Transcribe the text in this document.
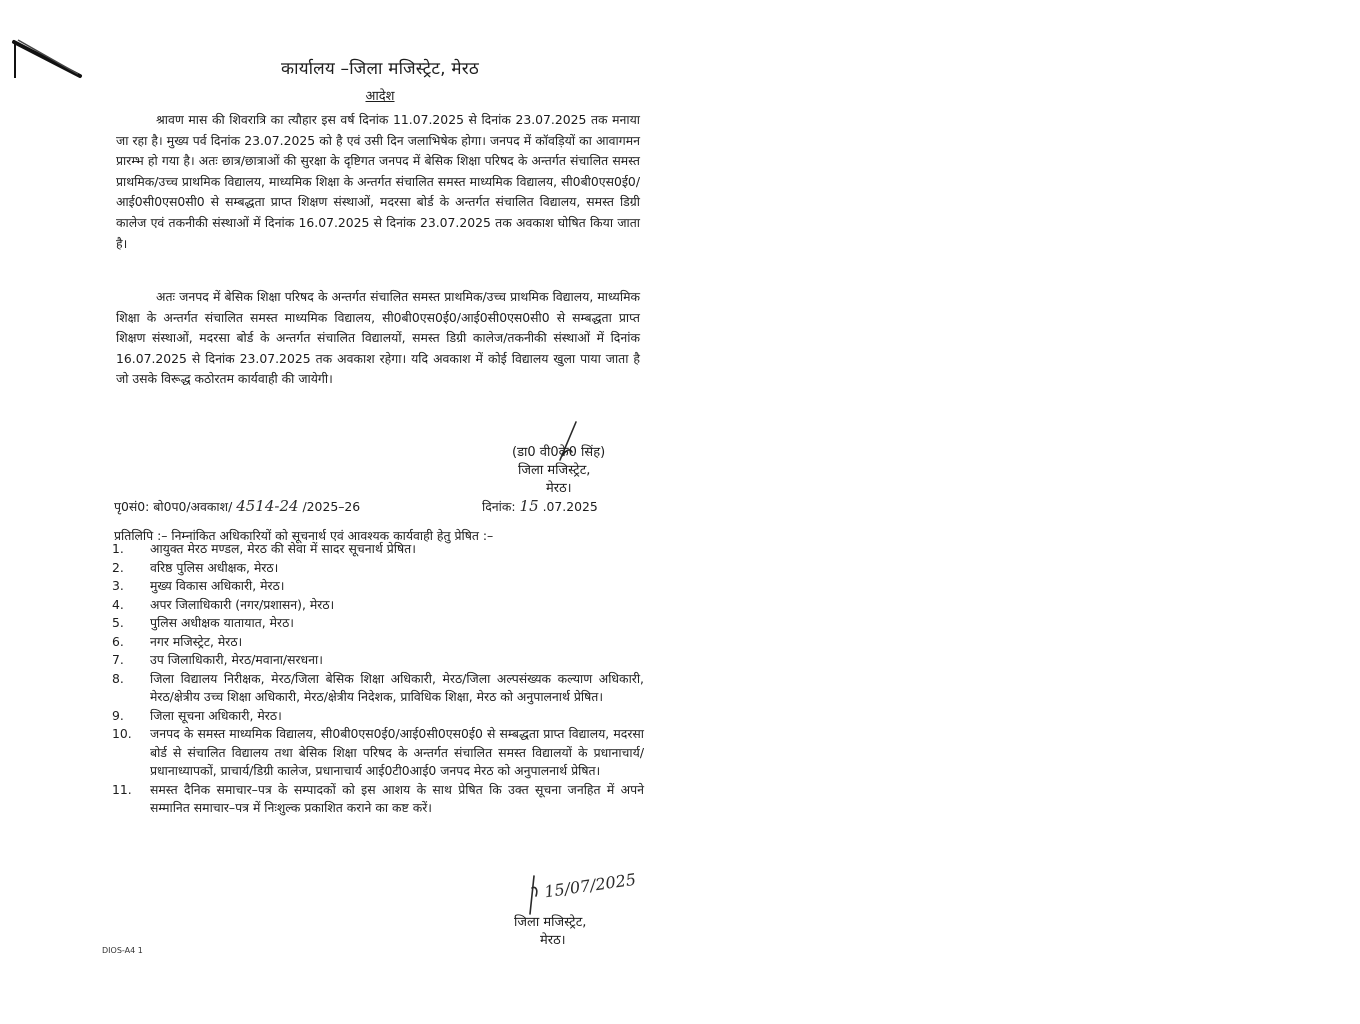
कार्यालय –जिला मजिस्ट्रेट, मेरठ
आदेश

श्रावण मास की शिवरात्रि का त्यौहार इस वर्ष दिनांक 11.07.2025 से दिनांक 23.07.2025 तक मनाया जा रहा है। मुख्य पर्व दिनांक 23.07.2025 को है एवं उसी दिन जलाभिषेक होगा। जनपद में कॉवड़ियों का आवागमन प्रारम्भ हो गया है। अतः छात्र/छात्राओं की सुरक्षा के दृष्टिगत जनपद में बेसिक शिक्षा परिषद के अन्तर्गत संचालित समस्त प्राथमिक/उच्च प्राथमिक विद्यालय, माध्यमिक शिक्षा के अन्तर्गत संचालित समस्त माध्यमिक विद्यालय, सी0बी0एस0ई0/आई0सी0एस0सी0 से सम्बद्धता प्राप्त शिक्षण संस्थाओं, मदरसा बोर्ड के अन्तर्गत संचालित विद्यालय, समस्त डिग्री कालेज एवं तकनीकी संस्थाओं में दिनांक 16.07.2025 से दिनांक 23.07.2025 तक अवकाश घोषित किया जाता है।

अतः जनपद में बेसिक शिक्षा परिषद के अन्तर्गत संचालित समस्त प्राथमिक/उच्च प्राथमिक विद्यालय, माध्यमिक शिक्षा के अन्तर्गत संचालित समस्त माध्यमिक विद्यालय, सी0बी0एस0ई0/आई0सी0एस0सी0 से सम्बद्धता प्राप्त शिक्षण संस्थाओं, मदरसा बोर्ड के अन्तर्गत संचालित विद्यालयों, समस्त डिग्री कालेज/तकनीकी संस्थाओं में दिनांक 16.07.2025 से दिनांक 23.07.2025 तक अवकाश रहेगा। यदि अवकाश में कोई विद्यालय खुला पाया जाता है जो उसके विरूद्ध कठोरतम कार्यवाही की जायेगी।

(डा0 वी0के0 सिंह)
जिला मजिस्ट्रेट,
मेरठ।
पृ0सं0: बो0प0/अवकाश/ 4514-24 /2025–26	दिनांक: 15 .07.2025
प्रतिलिपि :– निम्नांकित अधिकारियों को सूचनार्थ एवं आवश्यक कार्यवाही हेतु प्रेषित :–
1.	आयुक्त मेरठ मण्डल, मेरठ की सेवा में सादर सूचनार्थ प्रेषित।
2.	वरिष्ठ पुलिस अधीक्षक, मेरठ।
3.	मुख्य विकास अधिकारी, मेरठ।
4.	अपर जिलाधिकारी (नगर/प्रशासन), मेरठ।
5.	पुलिस अधीक्षक यातायात, मेरठ।
6.	नगर मजिस्ट्रेट, मेरठ।
7.	उप जिलाधिकारी, मेरठ/मवाना/सरधना।
8.	जिला विद्यालय निरीक्षक, मेरठ/जिला बेसिक शिक्षा अधिकारी, मेरठ/जिला अल्पसंख्यक कल्याण अधिकारी, मेरठ/क्षेत्रीय उच्च शिक्षा अधिकारी, मेरठ/क्षेत्रीय निदेशक, प्राविधिक शिक्षा, मेरठ को अनुपालनार्थ प्रेषित।
9.	जिला सूचना अधिकारी, मेरठ।
10.	जनपद के समस्त माध्यमिक विद्यालय, सी0बी0एस0ई0/आई0सी0एस0ई0 से सम्बद्धता प्राप्त विद्यालय, मदरसा बोर्ड से संचालित विद्यालय तथा बेसिक शिक्षा परिषद के अन्तर्गत संचालित समस्त विद्यालयों के प्रधानाचार्य/प्रधानाध्यापकों, प्राचार्य/डिग्री कालेज, प्रधानाचार्य आई0टी0आई0 जनपद मेरठ को अनुपालनार्थ प्रेषित।
11.	समस्त दैनिक समाचार–पत्र के सम्पादकों को इस आशय के साथ प्रेषित कि उक्त सूचना जनहित में अपने सम्मानित समाचार–पत्र में निःशुल्क प्रकाशित कराने का कष्ट करें।
15/07/2025
जिला मजिस्ट्रेट,
मेरठ।
DIOS-A4 1
